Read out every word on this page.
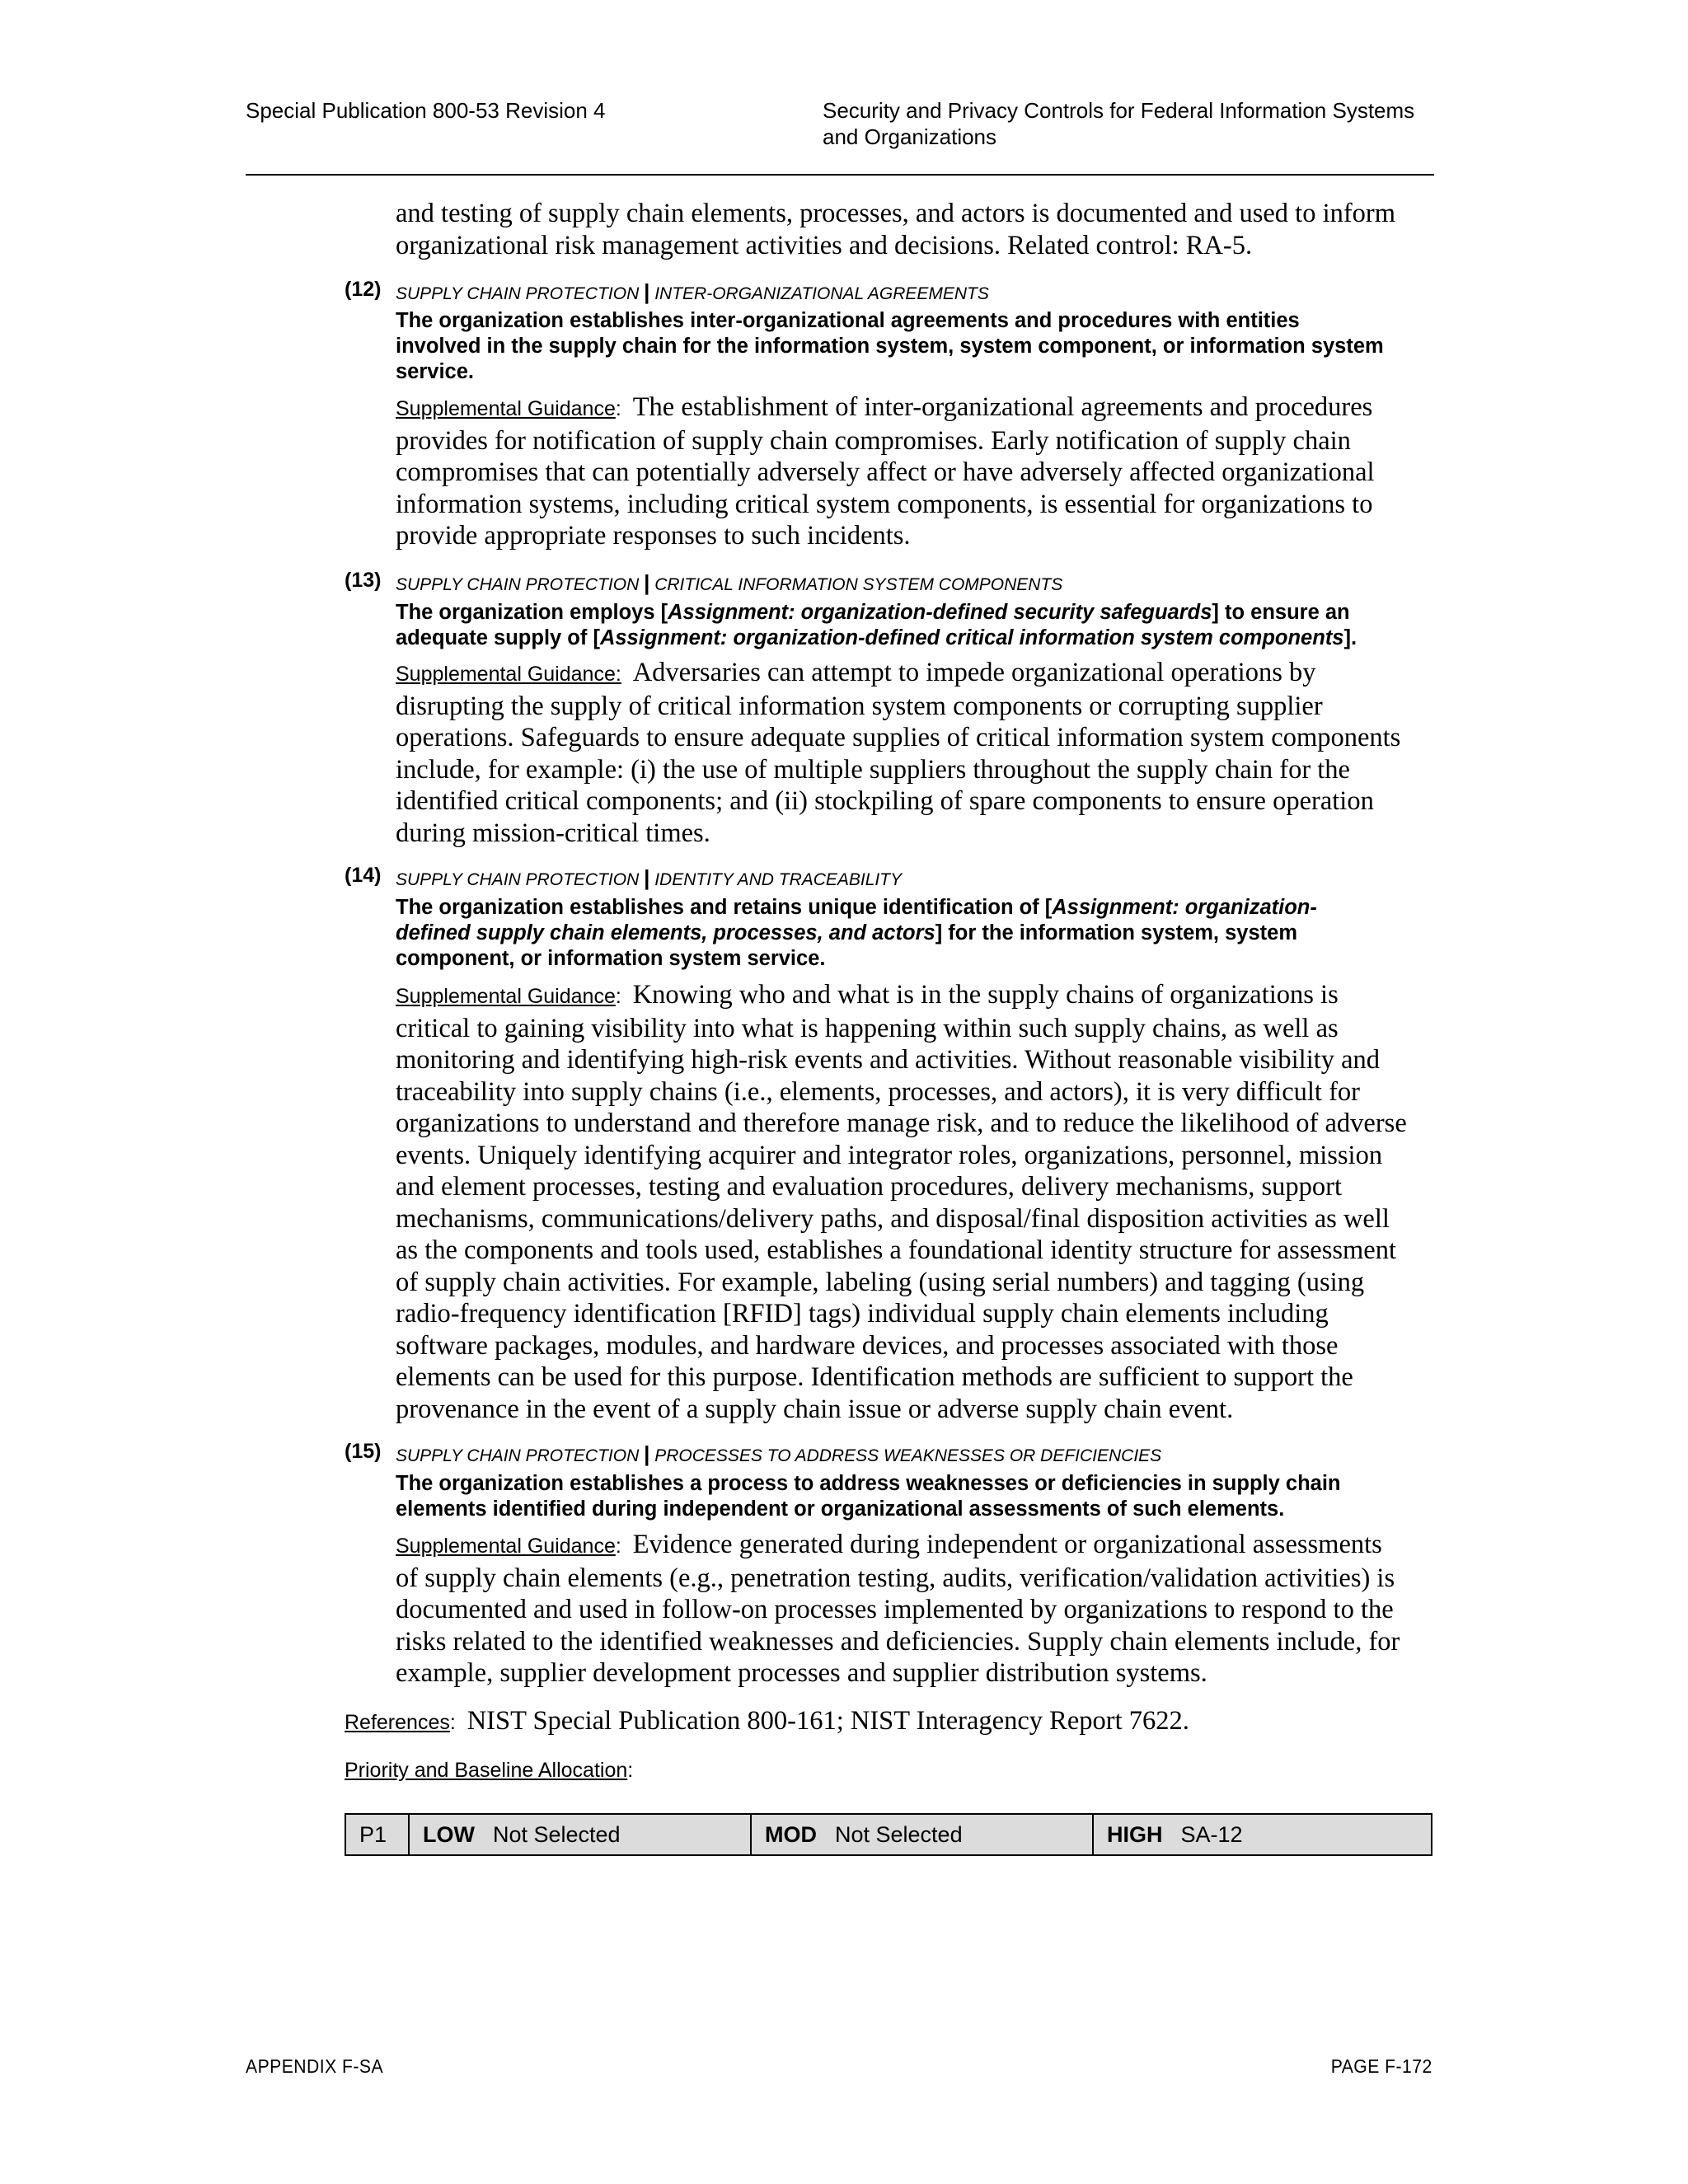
Special Publication 800-53 Revision 4	Security and Privacy Controls for Federal Information Systems
and Organizations
and testing of supply chain elements, processes, and actors is documented and used to inform
organizational risk management activities and decisions. Related control: RA-5.
(12) SUPPLY CHAIN PROTECTION | INTER-ORGANIZATIONAL AGREEMENTS
The organization establishes inter-organizational agreements and procedures with entities
involved in the supply chain for the information system, system component, or information system
service.
Supplemental Guidance:  The establishment of inter-organizational agreements and procedures
provides for notification of supply chain compromises. Early notification of supply chain
compromises that can potentially adversely affect or have adversely affected organizational
information systems, including critical system components, is essential for organizations to
provide appropriate responses to such incidents.
(13) SUPPLY CHAIN PROTECTION | CRITICAL INFORMATION SYSTEM COMPONENTS
The organization employs [Assignment: organization-defined security safeguards] to ensure an
adequate supply of [Assignment: organization-defined critical information system components].
Supplemental Guidance: Adversaries can attempt to impede organizational operations by
disrupting the supply of critical information system components or corrupting supplier
operations. Safeguards to ensure adequate supplies of critical information system components
include, for example: (i) the use of multiple suppliers throughout the supply chain for the
identified critical components; and (ii) stockpiling of spare components to ensure operation
during mission-critical times.
(14) SUPPLY CHAIN PROTECTION | IDENTITY AND TRACEABILITY
The organization establishes and retains unique identification of [Assignment: organization-
defined supply chain elements, processes, and actors] for the information system, system
component, or information system service.
Supplemental Guidance:  Knowing who and what is in the supply chains of organizations is
critical to gaining visibility into what is happening within such supply chains, as well as
monitoring and identifying high-risk events and activities. Without reasonable visibility and
traceability into supply chains (i.e., elements, processes, and actors), it is very difficult for
organizations to understand and therefore manage risk, and to reduce the likelihood of adverse
events. Uniquely identifying acquirer and integrator roles, organizations, personnel, mission
and element processes, testing and evaluation procedures, delivery mechanisms, support
mechanisms, communications/delivery paths, and disposal/final disposition activities as well
as the components and tools used, establishes a foundational identity structure for assessment
of supply chain activities. For example, labeling (using serial numbers) and tagging (using
radio-frequency identification [RFID] tags) individual supply chain elements including
software packages, modules, and hardware devices, and processes associated with those
elements can be used for this purpose. Identification methods are sufficient to support the
provenance in the event of a supply chain issue or adverse supply chain event.
(15) SUPPLY CHAIN PROTECTION | PROCESSES TO ADDRESS WEAKNESSES OR DEFICIENCIES
The organization establishes a process to address weaknesses or deficiencies in supply chain
elements identified during independent or organizational assessments of such elements.
Supplemental Guidance:  Evidence generated during independent or organizational assessments
of supply chain elements (e.g., penetration testing, audits, verification/validation activities) is
documented and used in follow-on processes implemented by organizations to respond to the
risks related to the identified weaknesses and deficiencies. Supply chain elements include, for
example, supplier development processes and supplier distribution systems.
References:  NIST Special Publication 800-161; NIST Interagency Report 7622.
Priority and Baseline Allocation:
P1 LOW Not Selected	MOD Not Selected	HIGH SA-12
APPENDIX F-SA	PAGE F-172
